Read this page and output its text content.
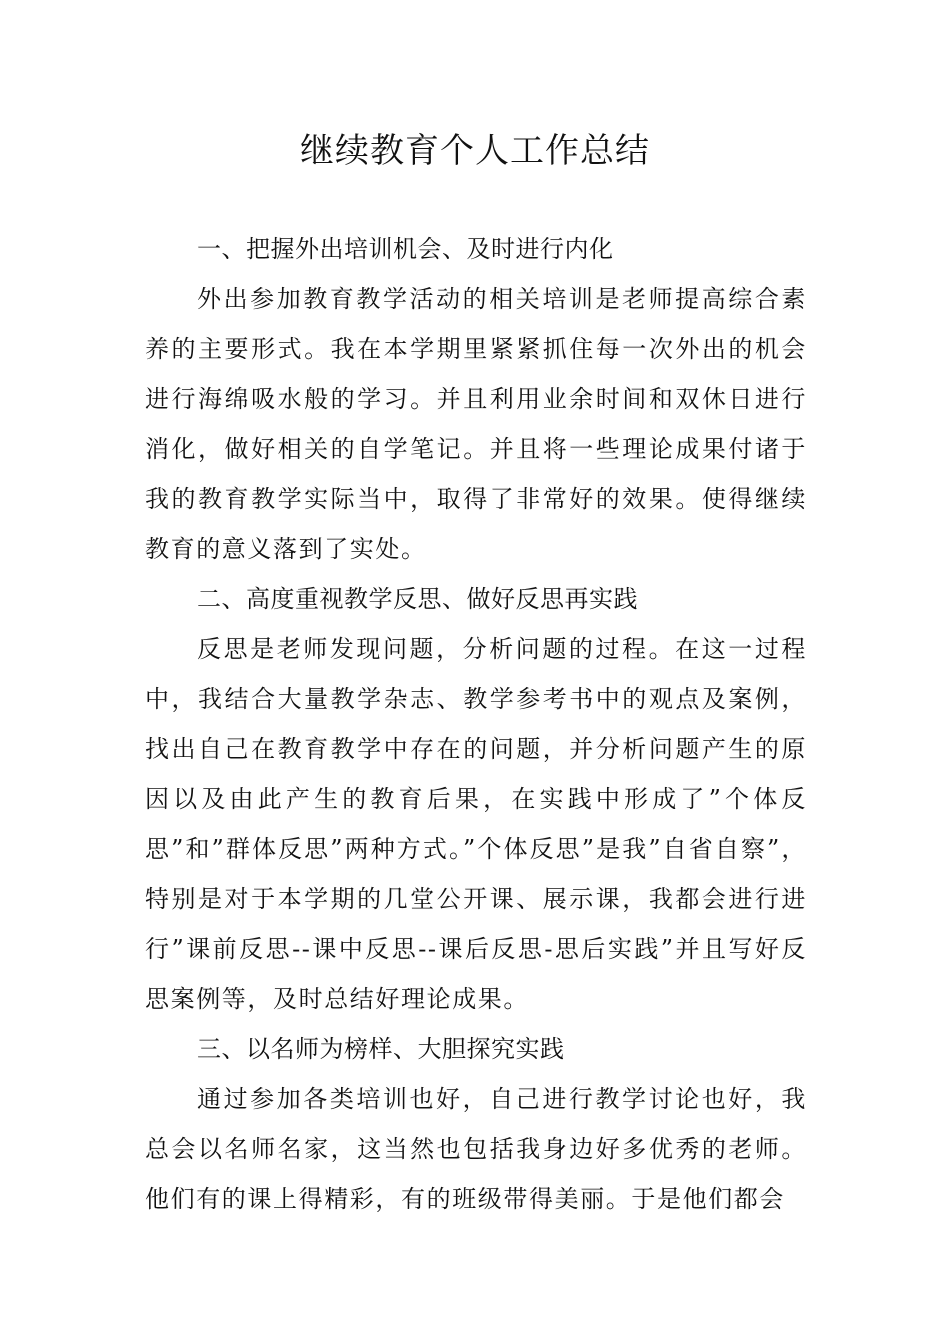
继续教育个人工作总结

一、把握外出培训机会、及时进行内化

外出参加教育教学活动的相关培训是老师提高综合素养的主要形式。我在本学期里紧紧抓住每一次外出的机会进行海绵吸水般的学习。并且利用业余时间和双休日进行消化，做好相关的自学笔记。并且将一些理论成果付诸于我的教育教学实际当中，取得了非常好的效果。使得继续教育的意义落到了实处。

二、高度重视教学反思、做好反思再实践

反思是老师发现问题，分析问题的过程。在这一过程中，我结合大量教学杂志、教学参考书中的观点及案例，找出自己在教育教学中存在的问题，并分析问题产生的原因以及由此产生的教育后果，在实践中形成了”个体反思”和”群体反思”两种方式。”个体反思”是我”自省自察”，特别是对于本学期的几堂公开课、展示课，我都会进行进行”课前反思--课中反思--课后反思-思后实践”并且写好反思案例等，及时总结好理论成果。

三、以名师为榜样、大胆探究实践

通过参加各类培训也好，自己进行教学讨论也好，我总会以名师名家，这当然也包括我身边好多优秀的老师。他们有的课上得精彩，有的班级带得美丽。于是他们都会
